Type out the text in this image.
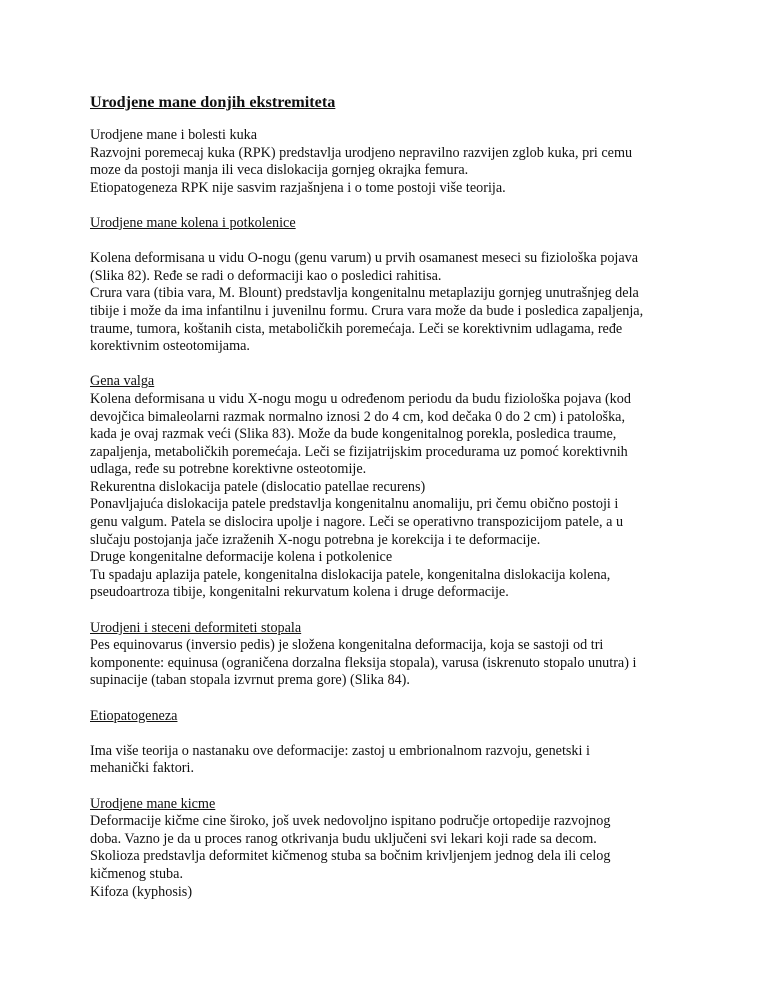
Urodjene mane donjih ekstremiteta
Urodjene mane i bolesti kuka
Razvojni poremecaj kuka (RPK) predstavlja urodjeno nepravilno razvijen zglob kuka, pri cemu
moze da postoji manja ili veca dislokacija gornjeg okrajka femura.
Etiopatogeneza RPK nije sasvim razjašnjena i o tome postoji više teorija.
Urodjene mane kolena i potkolenice
Kolena deformisana u vidu O-nogu (genu varum) u prvih osamanest meseci su fiziološka pojava
(Slika 82). Ređe se radi o deformaciji kao o posledici rahitisa.
Crura vara (tibia vara, M. Blount) predstavlja kongenitalnu metaplaziju gornjeg unutrašnjeg dela
tibije i može da ima infantilnu i juvenilnu formu. Crura vara može da bude i posledica zapaljenja,
traume, tumora, koštanih cista, metaboličkih poremećaja. Leči se korektivnim udlagama, ređe
korektivnim osteotomijama.
Gena valga
Kolena deformisana u vidu X-nogu mogu u određenom periodu da budu fiziološka pojava (kod
devojčica bimaleolarni razmak normalno iznosi 2 do 4 cm, kod dečaka 0 do 2 cm) i patološka,
kada je ovaj razmak veći (Slika 83). Može da bude kongenitalnog porekla, posledica traume,
zapaljenja, metaboličkih poremećaja. Leči se fizijatrijskim procedurama uz pomoć korektivnih
udlaga, ređe su potrebne korektivne osteotomije.
Rekurentna dislokacija patele (dislocatio patellae recurens)
Ponavljajuća dislokacija patele predstavlja kongenitalnu anomaliju, pri čemu obično postoji i
genu valgum. Patela se dislocira upolje i nagore. Leči se operativno transpozicijom patele, a u
slučaju postojanja jače izraženih X-nogu potrebna je korekcija i te deformacije.
Druge kongenitalne deformacije kolena i potkolenice
Tu spadaju aplazija patele, kongenitalna dislokacija patele, kongenitalna dislokacija kolena,
pseudoartroza tibije, kongenitalni rekurvatum kolena i druge deformacije.
Urodjeni i steceni deformiteti stopala
Pes equinovarus (inversio pedis) je složena kongenitalna deformacija, koja se sastoji od tri
komponente: equinusa (ograničena dorzalna fleksija stopala), varusa (iskrenuto stopalo unutra) i
supinacije (taban stopala izvrnut prema gore) (Slika 84).
Etiopatogeneza
Ima više teorija o nastanaku ove deformacije: zastoj u embrionalnom razvoju, genetski i
mehanički faktori.
Urodjene mane kicme
Deformacije kičme cine široko, još uvek nedovoljno ispitano područje ortopedije razvojnog
doba. Vazno je da u proces ranog otkrivanja budu uključeni svi lekari koji rade sa decom.
Skolioza predstavlja deformitet kičmenog stuba sa bočnim krivljenjem jednog dela ili celog
kičmenog stuba.
Kifoza (kyphosis)
